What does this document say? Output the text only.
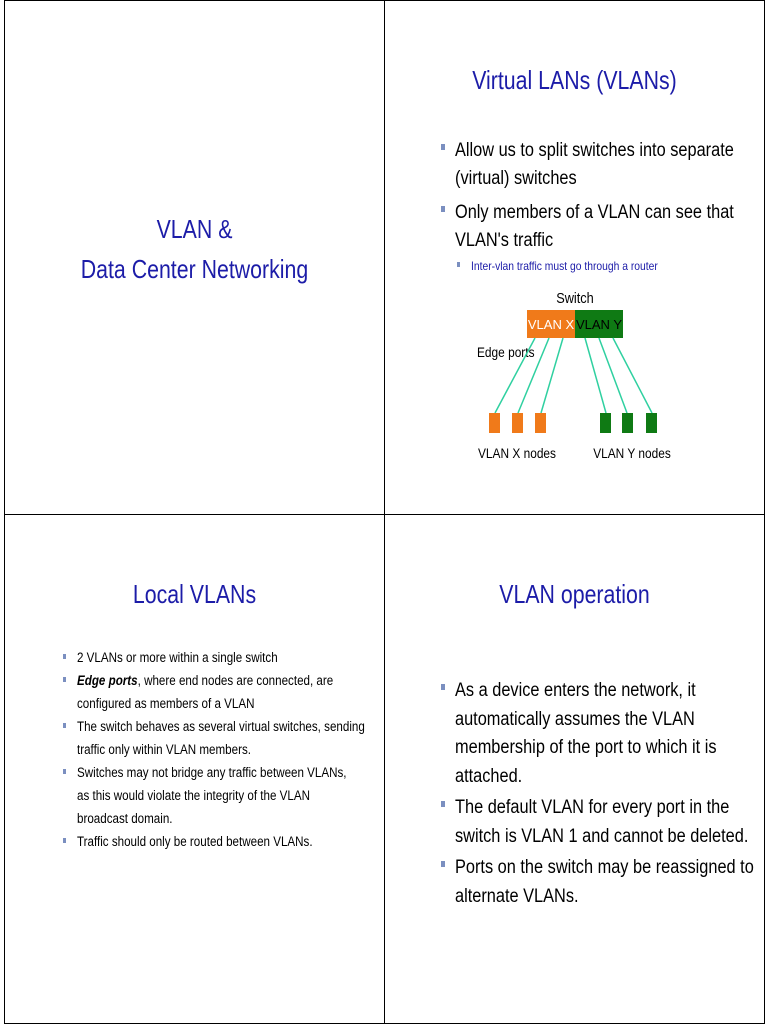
VLAN &
Data Center Networking
Virtual LANs (VLANs)
Allow us to split switches into separate
(virtual) switches
Only members of a VLAN can see that
VLAN's traffic
Inter-vlan traffic must go through a router
Switch
VLAN X VLAN Y
Edge ports
VLAN X nodes	VLAN Y nodes
Local VLANs
2 VLANs or more within a single switch
Edge ports, where end nodes are connected, are
configured as members of a VLAN
The switch behaves as several virtual switches, sending
traffic only within VLAN members.
Switches may not bridge any traffic between VLANs,
as this would violate the integrity of the VLAN
broadcast domain.
Traffic should only be routed between VLANs.
VLAN operation
As a device enters the network, it
automatically assumes the VLAN
membership of the port to which it is
attached.
The default VLAN for every port in the
switch is VLAN 1 and cannot be deleted.
Ports on the switch may be reassigned to
alternate VLANs.
